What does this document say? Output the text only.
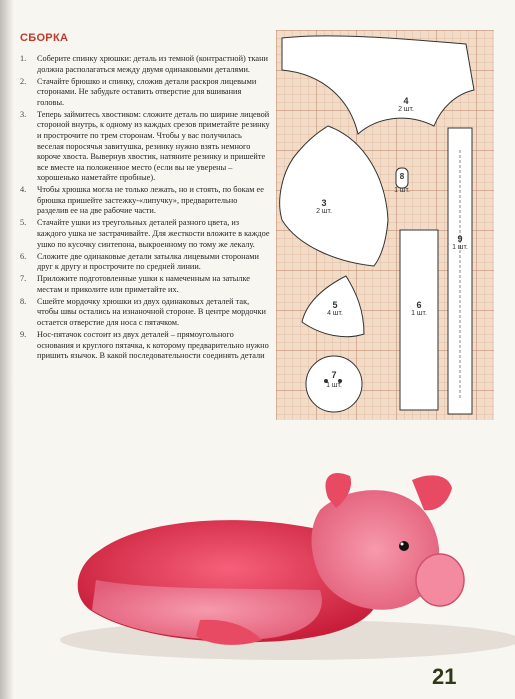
СБОРКА
1. Соберите спинку хрюшки: деталь из темной (контрастной) ткани должна располагаться между двумя одинаковыми деталями.
2. Стачайте брюшко и спинку, сложив детали раскроя лицевыми сторонами. Не забудьте оставить отверстие для вшивания головы.
3. Теперь займитесь хвостиком: сложите деталь по ширине лицевой стороной внутрь, к одному из каждых срезов приметайте резинку и прострочите по трем сторонам. Чтобы у вас получилась веселая поросячья завитушка, резинку нужно взять немного короче хвоста. Вывернув хвостик, натяните резинку и пришейте все вместе на положенное место (если вы не уверены – хорошенько наметайте пробные).
4. Чтобы хрюшка могла не только лежать, но и стоять, по бокам ее брюшка пришейте застежку-«липучку», предварительно разделив ее на две рабочие части.
5. Стачайте ушки из треугольных деталей разного цвета, из каждого ушка не застрачивайте. Для жесткости вложите в каждое ушко по кусочку синтепона, выкроенному по тому же лекалу.
6. Сложите две одинаковые детали затылка лицевыми сторонами друг к другу и прострочите по средней линии.
7. Приложите подготовленные ушки к намеченным на затылке местам и приколите или приметайте их.
8. Сшейте мордочку хрюшки из двух одинаковых деталей так, чтобы швы остались на изнаночной стороне. В центре мордочки остается отверстие для носа с пятачком.
9. Нос-пятачок состоит из двух деталей – прямоугольного основания и круглого пятачка, к которому предварительно нужно пришить язычок. В какой последовательности соединять детали
4
2 шт.
3
2 шт.
8
1 шт.
9
1 шт.
5
4 шт.
6
1 шт.
7
1 шт.
21
